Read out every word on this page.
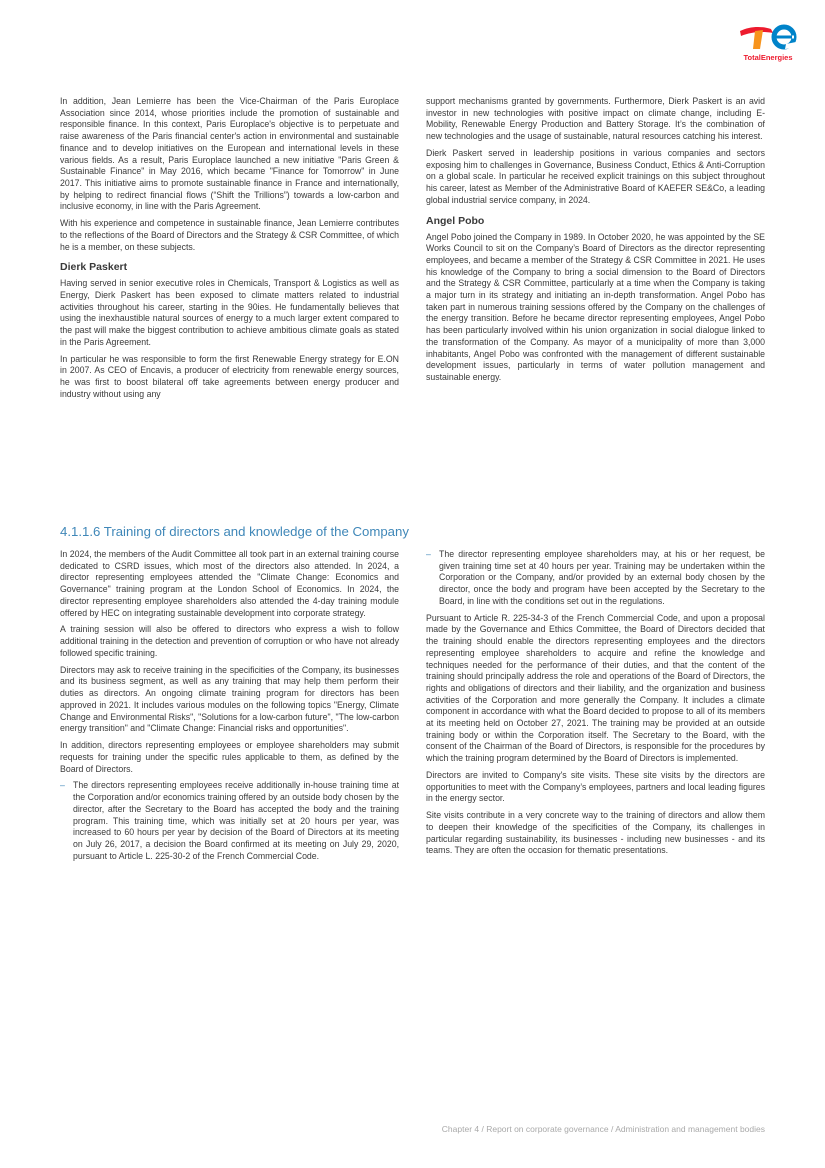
TotalEnergies

In addition, Jean Lemierre has been the Vice-Chairman of the Paris Europlace Association since 2014, whose priorities include the promotion of sustainable and responsible finance. In this context, Paris Europlace's objective is to perpetuate and raise awareness of the Paris financial center's action in environmental and sustainable finance and to develop initiatives on the European and international levels in these various fields. As a result, Paris Europlace launched a new initiative "Paris Green & Sustainable Finance" in May 2016, which became "Finance for Tomorrow" in June 2017. This initiative aims to promote sustainable finance in France and internationally, by helping to redirect financial flows (“Shift the Trillions”) towards a low-carbon and inclusive economy, in line with the Paris Agreement.

With his experience and competence in sustainable finance, Jean Lemierre contributes to the reflections of the Board of Directors and the Strategy & CSR Committee, of which he is a member, on these subjects.

Dierk Paskert

Having served in senior executive roles in Chemicals, Transport & Logistics as well as Energy, Dierk Paskert has been exposed to climate matters related to industrial activities throughout his career, starting in the 90ies. He fundamentally believes that using the inexhaustible natural sources of energy to a much larger extent compared to the past will make the biggest contribution to achieve ambitious climate goals as stated in the Paris Agreement.

In particular he was responsible to form the first Renewable Energy strategy for E.ON in 2007. As CEO of Encavis, a producer of electricity from renewable energy sources, he was first to boost bilateral off take agreements between energy producer and industry without using any

support mechanisms granted by governments. Furthermore, Dierk Paskert is an avid investor in new technologies with positive impact on climate change, including E-Mobility, Renewable Energy Production and Battery Storage. It’s the combination of new technologies and the usage of sustainable, natural resources catching his interest.

Dierk Paskert served in leadership positions in various companies and sectors exposing him to challenges in Governance, Business Conduct, Ethics & Anti-Corruption on a global scale. In particular he received explicit trainings on this subject throughout his career, latest as Member of the Administrative Board of KAEFER SE&Co, a leading global industrial service company, in 2024.

Angel Pobo

Angel Pobo joined the Company in 1989. In October 2020, he was appointed by the SE Works Council to sit on the Company’s Board of Directors as the director representing employees, and became a member of the Strategy & CSR Committee in 2021. He uses his knowledge of the Company to bring a social dimension to the Board of Directors and the Strategy & CSR Committee, particularly at a time when the Company is taking a major turn in its strategy and initiating an in-depth transformation. Angel Pobo has taken part in numerous training sessions offered by the Company on the challenges of the energy transition. Before he became director representing employees, Angel Pobo has been particularly involved within his union organization in social dialogue linked to the transformation of the Company. As mayor of a municipality of more than 3,000 inhabitants, Angel Pobo was confronted with the management of different sustainable development issues, particularly in terms of water pollution management and sustainable energy.

4.1.1.6 Training of directors and knowledge of the Company

In 2024, the members of the Audit Committee all took part in an external training course dedicated to CSRD issues, which most of the directors also attended. In 2024, a director representing employees attended the "Climate Change: Economics and Governance" training program at the London School of Economics. In 2024, the director representing employee shareholders also attended the 4-day training module offered by HEC on integrating sustainable development into corporate strategy.

A training session will also be offered to directors who express a wish to follow additional training in the detection and prevention of corruption or who have not already followed specific training.

Directors may ask to receive training in the specificities of the Company, its businesses and its business segment, as well as any training that may help them perform their duties as directors. An ongoing climate training program for directors has been approved in 2021. It includes various modules on the following topics "Energy, Climate Change and Environmental Risks", "Solutions for a low-carbon future", "The low-carbon energy transition" and "Climate Change: Financial risks and opportunities".

In addition, directors representing employees or employee shareholders may submit requests for training under the specific rules applicable to them, as defined by the Board of Directors.

– The directors representing employees receive additionally in-house training time at the Corporation and/or economics training offered by an outside body chosen by the director, after the Secretary to the Board has accepted the body and the training program. This training time, which was initially set at 20 hours per year, was increased to 60 hours per year by decision of the Board of Directors at its meeting on July 26, 2017, a decision the Board confirmed at its meeting on July 29, 2020, pursuant to Article L. 225-30-2 of the French Commercial Code.

– The director representing employee shareholders may, at his or her request, be given training time set at 40 hours per year. Training may be undertaken within the Corporation or the Company, and/or provided by an external body chosen by the director, once the body and program have been accepted by the Secretary to the Board, in line with the conditions set out in the regulations.

Pursuant to Article R. 225-34-3 of the French Commercial Code, and upon a proposal made by the Governance and Ethics Committee, the Board of Directors decided that the training should enable the directors representing employees and the directors representing employee shareholders to acquire and refine the knowledge and techniques needed for the performance of their duties, and that the content of the training should principally address the role and operations of the Board of Directors, the rights and obligations of directors and their liability, and the organization and business activities of the Corporation and more generally the Company. It includes a climate component in accordance with what the Board decided to propose to all of its members at its meeting held on October 27, 2021. The training may be provided at an outside training body or within the Corporation itself. The Secretary to the Board, with the consent of the Chairman of the Board of Directors, is responsible for the procedures by which the training program determined by the Board of Directors is implemented.

Directors are invited to Company's site visits. These site visits by the directors are opportunities to meet with the Company’s employees, partners and local leading figures in the energy sector.

Site visits contribute in a very concrete way to the training of directors and allow them to deepen their knowledge of the specificities of the Company, its challenges in particular regarding sustainability, its businesses - including new businesses - and its teams. They are often the occasion for thematic presentations.

Chapter 4 / Report on corporate governance / Administration and management bodies
